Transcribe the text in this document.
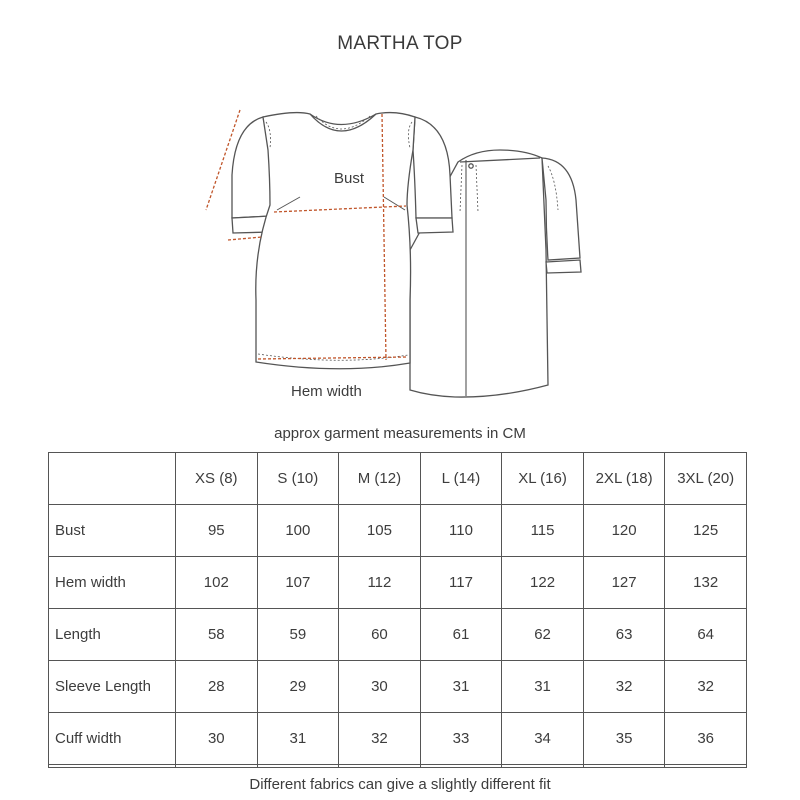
MARTHA TOP
Bust
Hem width
approx garment measurements in CM
	XS (8)	S (10)	M (12)	L (14)	XL (16)	2XL (18)	3XL (20)
Bust	95	100	105	110	115	120	125
Hem width	102	107	112	117	122	127	132
Length	58	59	60	61	62	63	64
Sleeve Length	28	29	30	31	31	32	32
Cuff width	30	31	32	33	34	35	36

Different fabrics can give a slightly different fit
